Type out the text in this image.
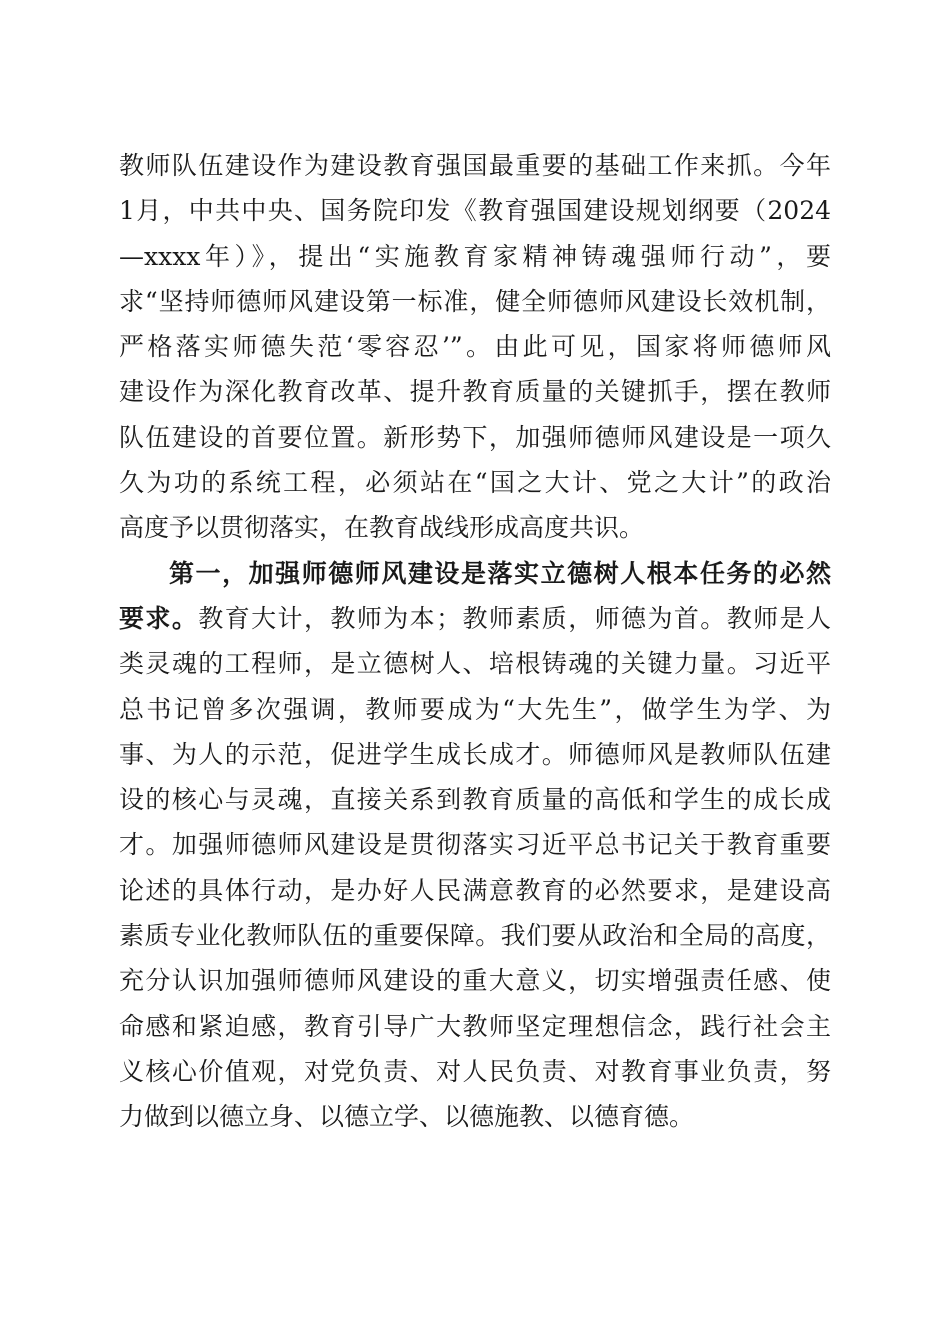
教师队伍建设作为建设教育强国最重要的基础工作来抓。今年
1月，中共中央、国务院印发《教育强国建设规划纲要（2024
—xxxx年）》，提出“实施教育家精神铸魂强师行动”，要
求“坚持师德师风建设第一标准，健全师德师风建设长效机制，
严格落实师德失范‘零容忍’”。由此可见，国家将师德师风
建设作为深化教育改革、提升教育质量的关键抓手，摆在教师
队伍建设的首要位置。新形势下，加强师德师风建设是一项久
久为功的系统工程，必须站在“国之大计、党之大计”的政治
高度予以贯彻落实，在教育战线形成高度共识。
第一，加强师德师风建设是落实立德树人根本任务的必然
要求。教育大计，教师为本；教师素质，师德为首。教师是人
类灵魂的工程师，是立德树人、培根铸魂的关键力量。习近平
总书记曾多次强调，教师要成为“大先生”，做学生为学、为
事、为人的示范，促进学生成长成才。师德师风是教师队伍建
设的核心与灵魂，直接关系到教育质量的高低和学生的成长成
才。加强师德师风建设是贯彻落实习近平总书记关于教育重要
论述的具体行动，是办好人民满意教育的必然要求，是建设高
素质专业化教师队伍的重要保障。我们要从政治和全局的高度，
充分认识加强师德师风建设的重大意义，切实增强责任感、使
命感和紧迫感，教育引导广大教师坚定理想信念，践行社会主
义核心价值观，对党负责、对人民负责、对教育事业负责，努
力做到以德立身、以德立学、以德施教、以德育德。
